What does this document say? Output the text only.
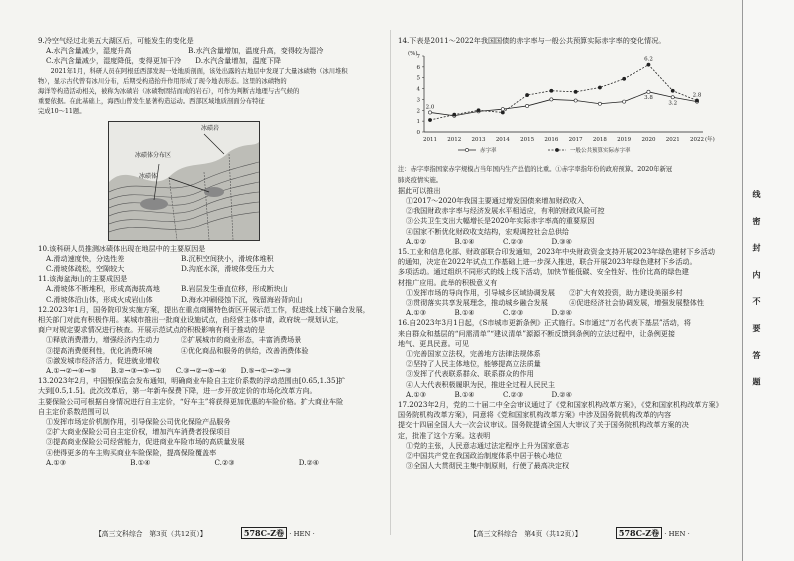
9.冷空气经过北美五大湖区后，可能发生的变化是

A.水汽含量减少，湿度升高　　　　　　　　B.水汽含量增加，温度升高，变得较为湿冷

C.水汽含量减少，湿度降低，变得更加干冷　　D.水汽含量增加，温度下降

　　2021年1月，科研人员在阿根廷西部发现一处地质剖面，该处出露的古地层中发现了大量冰碛物（冰川堆积

物），显示古代曾有冰川分布，后期受构造抬升作用形成了现今地表形态。这里的冰碛物的

海洋等构造活动相关，被称为冰碛岩（冰碛物固结而成的岩石），可作为判断古地理与古气候的

重要依据。在此基础上，海西山曾发生显著构造运动。西部区域地质剖面分布特征

完成10～11题。

冰碛岩
冰碛体分布区
冰碛体

10.该科研人员推测冰碛体出现在地层中的主要原因是

A.滑动速度快，分选性差　　　　　　　　B.沉积空间狭小，滑坡体堆积

C.滑坡体疏松，空隙较大　　　　　　　　D.沟底水深，滑坡体受压力大

11.该海盆海山的主要成因是

A.滑坡体不断堆积，形成高海拔高地　　　B.岩层发生垂直位移，形成断块山

C.滑坡体沿山体，形成火成岩山体　　　　D.海水冲刷侵蚀下沉，残留海岩背向山

12.2023年1月，国务院印发实施方案，提出在重点商圈特色街区开展示范工作，促进线上线下融合发展，

相关部门对此有积极作用。某城市推出一批商业设施试点，由经营主体申请，政府统一规划认定，

商户对规定要求情况进行核查。开展示范试点的积极影响有利于推动的是

①释放消费潜力，增强经济内生动力　　　②扩展城市的商业形态，丰富消费场景

③提高消费便利性，优化消费环境　　　　④优化商品和服务的供给，改善消费体验

⑤激发城市经济活力，促进就业增收

A.①→②→④→⑤　　B.②→③→⑤→①　　C.③→②→⑤→④　　D.⑤→①→②→③

13.2023年2月，中国银保监会发布通知，明确商业车险自主定价系数的浮动范围由[0.65,1.35]扩

大到[0.5,1.5]。此次改革后，第一年新车保费下降，进一步开放定价的市场化改革方向。

主要保险公司可根据自身情况进行自主定价，“好车主”将获得更加优惠的车险价格。扩大商业车险

自主定价系数范围可以

①发挥市场定价机制作用，引导保险公司优化保险产品服务

②扩大商业保险公司自主定价权，增加汽车消费者投保项目

③提高商业保险公司经营能力，促进商业车险市场的高质量发展

④使得更多的车主购买商业车险保险，提高保险覆盖率

A.①③	B.①④	C.②③	D.②④

14.下表是2011～2022年我国国债的赤字率与一般公共预算实际赤字率的变化情况。

(%)
(年)
0
1
2
3
4
5
6
7
2011 2012 2013 2014 2015 2016 2017 2018 2019 2020 2021 2022
2.0
6.2
3.8
3.2
2.8
赤字率	一般公共预算实际赤字率

注：赤字率指国家赤字规模占当年国内生产总值的比重。①赤字率指年份的政府预算。2020年新冠

肺炎疫情实施。

据此可以推出

①2017～2020年我国主要通过增发国债来增加财政收入

②我国财政赤字率与经济发展水平相适应，有利的财政风险可控

③公共卫生支出大幅增长是2020年实际赤字率高的重要原因

④国家不断优化财政收支结构，宏观调控社会总供给

A.①②　　　　B.①④　　　　C.②③　　　　D.③④

15.工业和信息化部、财政部联合印发通知，2023年中央财政资金支持开展2023年绿色建材下乡活动

的通知，决定在2022年试点工作基础上进一步深入推进，联合开展2023年绿色建材下乡活动。

多项活动。通过组织不同形式的线上线下活动，加快节能低碳、安全性好、性价比高的绿色建

材推广应用。此举的积极意义有

①发挥市场的导向作用，引导城乡区域协调发展　　②扩大有效投资，助力建设美丽乡村

③贯彻落实共享发展理念，推动城乡融合发展　　　④促进经济社会协调发展，增强发展整体性

A.①③　　　　B.①④　　　　C.②③　　　　D.②④

16.自2023年3月1日起，《S市城市更新条例》正式施行。S市通过“万名代表下基层”活动，将

来自群众和基层的“问需清单”“建议清单”源源不断反馈到条例的立法过程中，让条例更接

地气、更具民意。可见

①完善国家立法权，完善地方法律法规体系

②坚持了人民主体地位，能够提高立法质量

③发挥了代表联系群众、联系群众的作用

④人大代表积极履职为民，推进全过程人民民主

A.①③　　　　B.①④　　　　C.②③　　　　D.②④

17.2023年2月，党的二十届二中全会审议通过了《党和国家机构改革方案》，《党和国家机构改革方案》

国务院机构改革方案》，同意将《党和国家机构改革方案》中涉及国务院机构改革的内容

提交十四届全国人大一次会议审议。国务院提请全国人大审议了关于国务院机构改革方案的决

定，批准了这个方案。这表明

①党的主张，人民意志通过法定程序上升为国家意志

②中国共产党在我国政治制度体系中居于核心地位

③全国人大贯彻民主集中制原则，行使了最高决定权

【高三文科综合　第3页（共12页）】	578C-Z卷 · HEN ·	【高三文科综合　第4页（共12页）】	578C-Z卷 · HEN ·
线 密 封 内 不 要 答 题
